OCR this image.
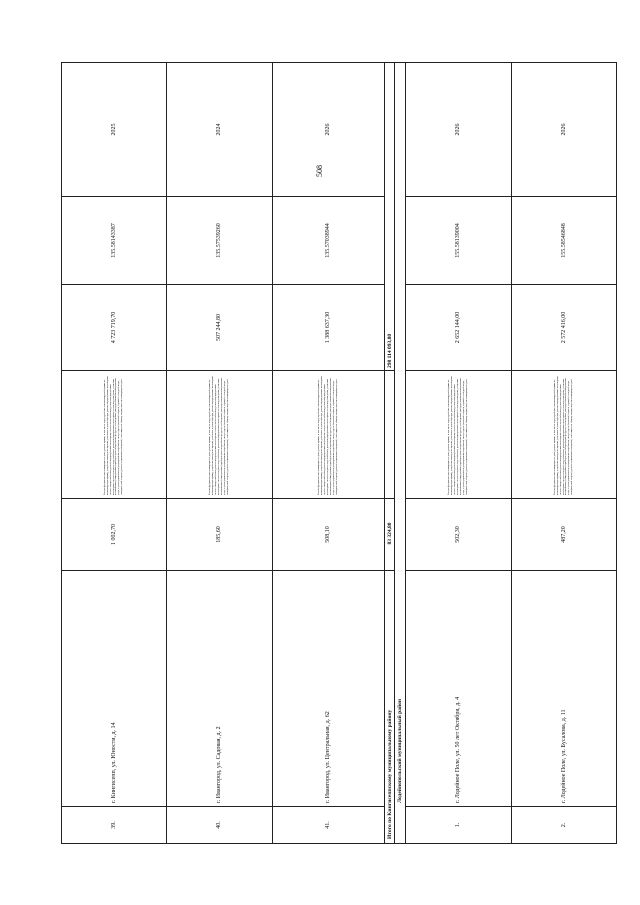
508
39.	г. Кингисепп, ул. Юности, д. 14	1 002,70	Ремонт фундамента многоквартирного дома, ремонт крыши, в том числе переустройство невентилируемой крыши на вентилируемую крышу, устройство выходов на кровлю, утепление и ремонт фасада, ремонт внутридомовых инженерных систем электроснабжения, ремонт внутридомовых инженерных систем теплоснабжения, ремонт внутридомовых инженерных систем холодного водоснабжения, ремонт внутридомовых инженерных систем водоотведения, установка коллективных (общедомовых) приборов учета потребления ресурсов, необходимых для предоставления коммунальных услуг, и узлов управления и регулирования потребления этих ресурсов (тепловой энергии, горячей и холодной воды, электрической энергии), ремонт подвальных помещений, относящихся к общему имуществу в многоквартирном доме	4 723 719,70	135.58143387	2025
40.	г. Ивангород, ул. Садовая, д. 2	185,60	Ремонт фундамента многоквартирного дома, ремонт крыши, в том числе переустройство невентилируемой крыши на вентилируемую крышу, устройство выходов на кровлю, утепление и ремонт фасада, ремонт внутридомовых инженерных систем электроснабжения, ремонт внутридомовых инженерных систем теплоснабжения, ремонт внутридомовых инженерных систем холодного водоснабжения, ремонт внутридомовых инженерных систем водоотведения, установка коллективных (общедомовых) приборов учета потребления ресурсов, необходимых для предоставления коммунальных услуг, и узлов управления и регулирования потребления этих ресурсов (тепловой энергии, горячей и холодной воды, электрической энергии), ремонт подвальных помещений, относящихся к общему имуществу в многоквартирном доме	507 244,80	135.57539260	2024
41.	г. Ивангород, ул. Центральная, д. 62	508,10	Ремонт фундамента многоквартирного дома, ремонт крыши, в том числе переустройство невентилируемой крыши на вентилируемую крышу, устройство выходов на кровлю, утепление и ремонт фасада, ремонт внутридомовых инженерных систем электроснабжения, ремонт внутридомовых инженерных систем теплоснабжения, ремонт внутридомовых инженерных систем холодного водоснабжения, ремонт внутридомовых инженерных систем водоотведения, установка коллективных (общедомовых) приборов учета потребления ресурсов, необходимых для предоставления коммунальных услуг, и узлов управления и регулирования потребления этих ресурсов (тепловой энергии, горячей и холодной воды, электрической энергии), ремонт подвальных помещений, относящихся к общему имуществу в многоквартирном доме	1 388 637,30	135.57038944	2026
Итого по Кингисеппскому муниципальному району		83 324,80		298 114 093,80		
Лодейнопольский муниципальный район						
1.	г. Лодейное Поле, ул. 50 лет Октября, д. 4	502,30	Ремонт фундамента многоквартирного дома, ремонт крыши, в том числе переустройство невентилируемой крыши на вентилируемую крышу, устройство выходов на кровлю, утепление и ремонт фасада, ремонт внутридомовых инженерных систем электроснабжения, ремонт внутридомовых инженерных систем теплоснабжения, ремонт внутридомовых инженерных систем холодного водоснабжения, ремонт внутридомовых инженерных систем водоотведения, установка коллективных (общедомовых) приборов учета потребления ресурсов, необходимых для предоставления коммунальных услуг, и узлов управления и регулирования потребления этих ресурсов (тепловой энергии, горячей и холодной воды, электрической энергии), ремонт подвальных помещений, относящихся к общему имуществу в многоквартирном доме	2 652 144,00	155.58139004	2026
2.	г. Лодейное Поле, ул. Бусалова, д. 11	487,20	Ремонт фундамента многоквартирного дома, ремонт крыши, в том числе переустройство невентилируемой крыши на вентилируемую крышу, устройство выходов на кровлю, утепление и ремонт фасада, ремонт внутридомовых инженерных систем электроснабжения, ремонт внутридомовых инженерных систем теплоснабжения, ремонт внутридомовых инженерных систем холодного водоснабжения, ремонт внутридомовых инженерных систем водоотведения, установка коллективных (общедомовых) приборов учета потребления ресурсов, необходимых для предоставления коммунальных услуг, и узлов управления и регулирования потребления этих ресурсов (тепловой энергии, горячей и холодной воды, электрической энергии), ремонт подвальных помещений, относящихся к общему имуществу в многоквартирном доме	2 572 416,00	155.58546848	2026
